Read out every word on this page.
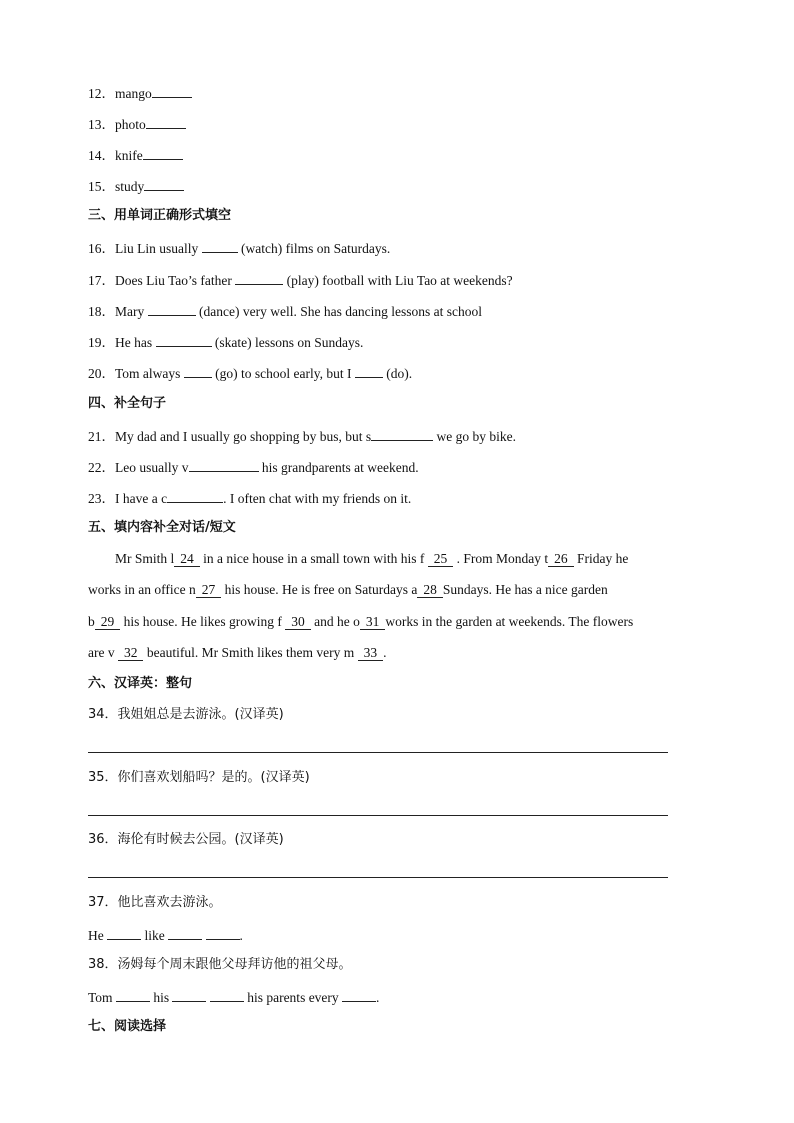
12．mango
13．photo
14．knife
15．study
三、用单词正确形式填空
16．Liu Lin usually	(watch) films on Saturdays.
17．Does Liu Tao’s father	(play) football with Liu Tao at weekends?
18．Mary	(dance) very well. She has dancing lessons at school
19．He has	(skate) lessons on Sundays.
20．Tom always  (go) to school early, but I  (do).
四、补全句子
21．My dad and I usually go shopping by bus, but s	we go by bike.
22．Leo usually v	his grandparents at weekend.
23．I have a c	. I often chat with my friends on it.
五、填内容补全对话/短文
Mr Smith l 24 in a nice house in a small town with his f 25 . From Monday t 26 Friday he
works in an office n 27 his house. He is free on Saturdays a 28 Sundays. He has a nice garden
b 29 his house. He likes growing f 30 and he o 31 works in the garden at weekends. The flowers
are v 32 beautiful. Mr Smith likes them very m 33 .
六、汉译英：整句
34．我姐姐总是去游泳。(汉译英)
35．你们喜欢划船吗？是的。(汉译英)
36．海伦有时候去公园。(汉译英)
37．他比喜欢去游泳。
He	like	.
38．汤姆每个周末跟他父母拜访他的祖父母。
Tom	his	his parents every	.
七、阅读选择
